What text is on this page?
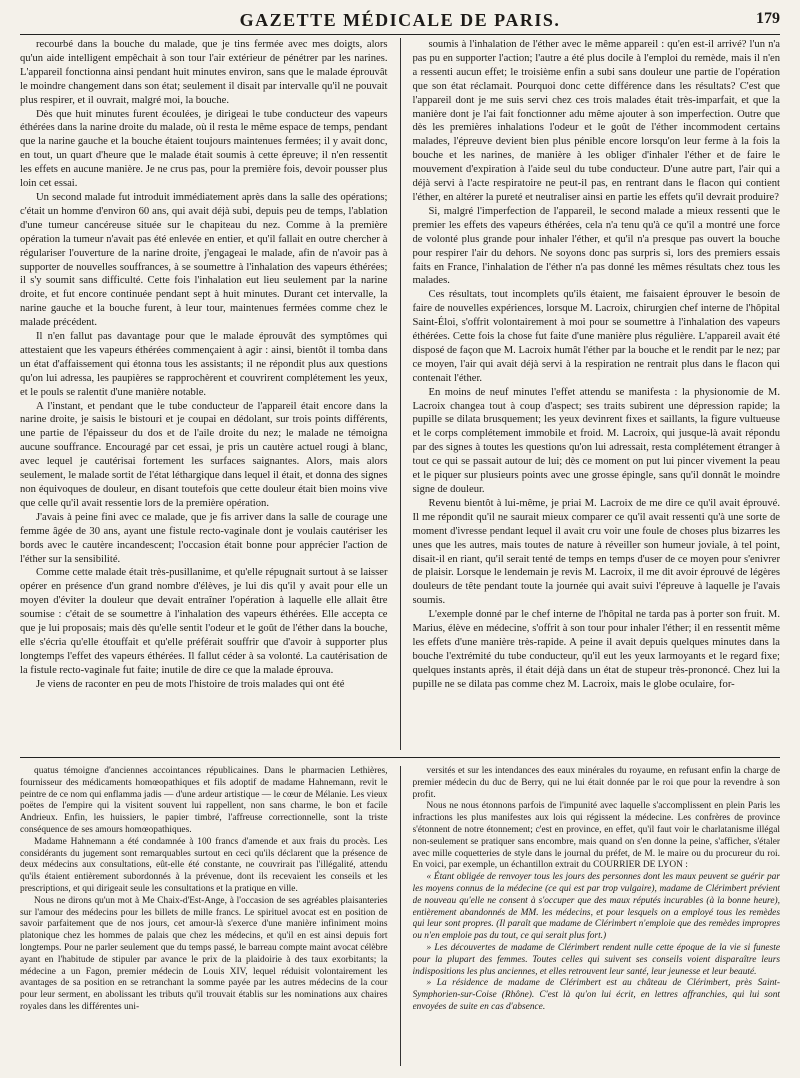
GAZETTE MÉDICALE DE PARIS.	179

recourbé dans la bouche du malade, que je tins fermée avec mes doigts, alors qu'un aide intelligent empêchait à son tour l'air extérieur de pénétrer par les narines. L'appareil fonctionna ainsi pendant huit minutes environ, sans que le malade éprouvât le moindre changement dans son état; seulement il disait par intervalle qu'il ne pouvait plus respirer, et il ouvrait, malgré moi, la bouche.

Dès que huit minutes furent écoulées, je dirigeai le tube conducteur des vapeurs éthérées dans la narine droite du malade, où il resta le même espace de temps, pendant que la narine gauche et la bouche étaient toujours maintenues fermées; il y avait donc, en tout, un quart d'heure que le malade était soumis à cette épreuve; il n'en ressentit les effets en aucune manière. Je ne crus pas, pour la première fois, devoir pousser plus loin cet essai.

Un second malade fut introduit immédiatement après dans la salle des opérations; c'était un homme d'environ 60 ans, qui avait déjà subi, depuis peu de temps, l'ablation d'une tumeur cancéreuse située sur le chapiteau du nez. Comme à la première opération la tumeur n'avait pas été enlevée en entier, et qu'il fallait en outre chercher à régulariser l'ouverture de la narine droite, j'engageai le malade, afin de n'avoir pas à supporter de nouvelles souffrances, à se soumettre à l'inhalation des vapeurs éthérées; il s'y soumit sans difficulté. Cette fois l'inhalation eut lieu seulement par la narine droite, et fut encore continuée pendant sept à huit minutes. Durant cet intervalle, la narine gauche et la bouche furent, à leur tour, maintenues fermées comme chez le malade précédent.

Il n'en fallut pas davantage pour que le malade éprouvât des symptômes qui attestaient que les vapeurs éthérées commençaient à agir : ainsi, bientôt il tomba dans un état d'affaissement qui étonna tous les assistants; il ne répondit plus aux questions qu'on lui adressa, les paupières se rapprochèrent et couvrirent complétement les yeux, et le pouls se ralentit d'une manière notable.

A l'instant, et pendant que le tube conducteur de l'appareil était encore dans la narine droite, je saisis le bistouri et je coupai en dédolant, sur trois points différents, une partie de l'épaisseur du dos et de l'aile droite du nez; le malade ne témoigna aucune souffrance. Encouragé par cet essai, je pris un cautère actuel rougi à blanc, avec lequel je cautérisai fortement les surfaces saignantes. Alors, mais alors seulement, le malade sortit de l'état léthargique dans lequel il était, et donna des signes non équivoques de douleur, en disant toutefois que cette douleur était bien moins vive que celle qu'il avait ressentie lors de la première opération.

J'avais à peine fini avec ce malade, que je fis arriver dans la salle de courage une femme âgée de 30 ans, ayant une fistule recto-vaginale dont je voulais cautériser les bords avec le cautère incandescent; l'occasion était bonne pour apprécier l'action de l'éther sur la sensibilité.

Comme cette malade était très-pusillanime, et qu'elle répugnait surtout à se laisser opérer en présence d'un grand nombre d'élèves, je lui dis qu'il y avait pour elle un moyen d'éviter la douleur que devait entraîner l'opération à laquelle elle allait être soumise : c'était de se soumettre à l'inhalation des vapeurs éthérées. Elle accepta ce que je lui proposais; mais dès qu'elle sentit l'odeur et le goût de l'éther dans la bouche, elle s'écria qu'elle étouffait et qu'elle préférait souffrir que d'avoir à supporter plus longtemps l'effet des vapeurs éthérées. Il fallut céder à sa volonté. La cautérisation de la fistule recto-vaginale fut faite; inutile de dire ce que la malade éprouva.

Je viens de raconter en peu de mots l'histoire de trois malades qui ont été

soumis à l'inhalation de l'éther avec le même appareil : qu'en est-il arrivé? l'un n'a pas pu en supporter l'action; l'autre a été plus docile à l'emploi du remède, mais il n'en a ressenti aucun effet; le troisième enfin a subi sans douleur une partie de l'opération que son état réclamait. Pourquoi donc cette différence dans les résultats? C'est que l'appareil dont je me suis servi chez ces trois malades était très-imparfait, et que la manière dont je l'ai fait fonctionner adu même ajouter à son imperfection. Outre que dès les premières inhalations l'odeur et le goût de l'éther incommodent certains malades, l'épreuve devient bien plus pénible encore lorsqu'on leur ferme à la fois la bouche et les narines, de manière à les obliger d'inhaler l'éther et de faire le mouvement d'expiration à l'aide seul du tube conducteur. D'une autre part, l'air qui a déjà servi à l'acte respiratoire ne peut-il pas, en rentrant dans le flacon qui contient l'éther, en altérer la pureté et neutraliser ainsi en partie les effets qu'il devrait produire?

Si, malgré l'imperfection de l'appareil, le second malade a mieux ressenti que le premier les effets des vapeurs éthérées, cela n'a tenu qu'à ce qu'il a montré une force de volonté plus grande pour inhaler l'éther, et qu'il n'a presque pas ouvert la bouche pour respirer l'air du dehors. Ne soyons donc pas surpris si, lors des premiers essais faits en France, l'inhalation de l'éther n'a pas donné les mêmes résultats chez tous les malades.

Ces résultats, tout incomplets qu'ils étaient, me faisaient éprouver le besoin de faire de nouvelles expériences, lorsque M. Lacroix, chirurgien chef interne de l'hôpital Saint-Éloi, s'offrit volontairement à moi pour se soumettre à l'inhalation des vapeurs éthérées. Cette fois la chose fut faite d'une manière plus régulière. L'appareil avait été disposé de façon que M. Lacroix humât l'éther par la bouche et le rendit par le nez; par ce moyen, l'air qui avait déjà servi à la respiration ne rentrait plus dans le flacon qui contenait l'éther.

En moins de neuf minutes l'effet attendu se manifesta : la physionomie de M. Lacroix changea tout à coup d'aspect; ses traits subirent une dépression rapide; la pupille se dilata brusquement; les yeux devinrent fixes et saillants, la figure vultueuse et le corps complétement immobile et froid. M. Lacroix, qui jusque-là avait répondu par des signes à toutes les questions qu'on lui adressait, resta complétement étranger à tout ce qui se passait autour de lui; dès ce moment on put lui pincer vivement la peau et le piquer sur plusieurs points avec une grosse épingle, sans qu'il donnât le moindre signe de douleur.

Revenu bientôt à lui-même, je priai M. Lacroix de me dire ce qu'il avait éprouvé. Il me répondit qu'il ne saurait mieux comparer ce qu'il avait ressenti qu'à une sorte de moment d'ivresse pendant lequel il avait cru voir une foule de choses plus bizarres les unes que les autres, mais toutes de nature à réveiller son humeur joviale, à tel point, disait-il en riant, qu'il serait tenté de temps en temps d'user de ce moyen pour s'enivrer de plaisir. Lorsque le lendemain je revis M. Lacroix, il me dit avoir éprouvé de légères douleurs de tête pendant toute la journée qui avait suivi l'épreuve à laquelle je l'avais soumis.

L'exemple donné par le chef interne de l'hôpital ne tarda pas à porter son fruit. M. Marius, élève en médecine, s'offrit à son tour pour inhaler l'éther; il en ressentit même les effets d'une manière très-rapide. A peine il avait depuis quelques minutes dans la bouche l'extrémité du tube conducteur, qu'il eut les yeux larmoyants et le regard fixe; quelques instants après, il était déjà dans un état de stupeur très-prononcé. Chez lui la pupille ne se dilata pas comme chez M. Lacroix, mais le globe oculaire, for-

quatus témoigne d'anciennes accointances républicaines. Dans le pharmacien Lethières, fournisseur des médicaments homœopathiques et fils adoptif de madame Hahnemann, revit le peintre de ce nom qui enflamma jadis — d'une ardeur artistique — le cœur de Mélanie. Les vieux poëtes de l'empire qui la visitent souvent lui rappellent, non sans charme, le bon et facile Andrieux. Enfin, les huissiers, le papier timbré, l'affreuse correctionnelle, sont la triste conséquence de ses amours homœopathiques.

Madame Hahnemann a été condamnée à 100 francs d'amende et aux frais du procès. Les considérants du jugement sont remarquables surtout en ceci qu'ils déclarent que la présence de deux médecins aux consultations, eût-elle été constante, ne couvrirait pas l'illégalité, attendu qu'ils étaient entièrement subordonnés à la prévenue, dont ils recevaient les conseils et les prescriptions, et qui dirigeait seule les consultations et la pratique en ville.

Nous ne dirons qu'un mot à Me Chaix-d'Est-Ange, à l'occasion de ses agréables plaisanteries sur l'amour des médecins pour les billets de mille francs. Le spirituel avocat est en position de savoir parfaitement que de nos jours, cet amour-là s'exerce d'une manière infiniment moins platonique chez les hommes de palais que chez les médecins, et qu'il en est ainsi depuis fort longtemps. Pour ne parler seulement que du temps passé, le barreau compte maint avocat célèbre ayant en l'habitude de stipuler par avance le prix de la plaidoirie à des taux exorbitants; la médecine a un Fagon, premier médecin de Louis XIV, lequel réduisit volontairement les avantages de sa position en se retranchant la somme payée par les autres médecins de la cour pour leur serment, en abolissant les tributs qu'il trouvait établis sur les nominations aux chaires royales dans les différentes uni-

versités et sur les intendances des eaux minérales du royaume, en refusant enfin la charge de premier médecin du duc de Berry, qui ne lui était donnée par le roi que pour la revendre à son profit.

Nous ne nous étonnons parfois de l'impunité avec laquelle s'accomplissent en plein Paris les infractions les plus manifestes aux lois qui régissent la médecine. Les confrères de province s'étonnent de notre étonnement; c'est en province, en effet, qu'il faut voir le charlatanisme illégal non-seulement se pratiquer sans encombre, mais quand on s'en donne la peine, s'afficher, s'étaler avec mille coquetteries de style dans le journal du préfet, de M. le maire ou du procureur du roi. En voici, par exemple, un échantillon extrait du COURRIER DE LYON :

« Étant obligée de renvoyer tous les jours des personnes dont les maux peuvent se guérir par les moyens connus de la médecine (ce qui est par trop vulgaire), madame de Clérimbert prévient de nouveau qu'elle ne consent à s'occuper que des maux réputés incurables (à la bonne heure), entièrement abandonnés de MM. les médecins, et pour lesquels on a employé tous les remèdes qui leur sont propres. (Il paraît que madame de Clérimbert n'emploie que des remèdes impropres ou n'en emploie pas du tout, ce qui serait plus fort.)

» Les découvertes de madame de Clérimbert rendent nulle cette époque de la vie si funeste pour la plupart des femmes. Toutes celles qui suivent ses conseils voient disparaître leurs indispositions les plus anciennes, et elles retrouvent leur santé, leur jeunesse et leur beauté.

» La résidence de madame de Clérimbert est au château de Clérimbert, près Saint-Symphorien-sur-Coise (Rhône). C'est là qu'on lui écrit, en lettres affranchies, qui lui sont envoyées de suite en cas d'absence.
